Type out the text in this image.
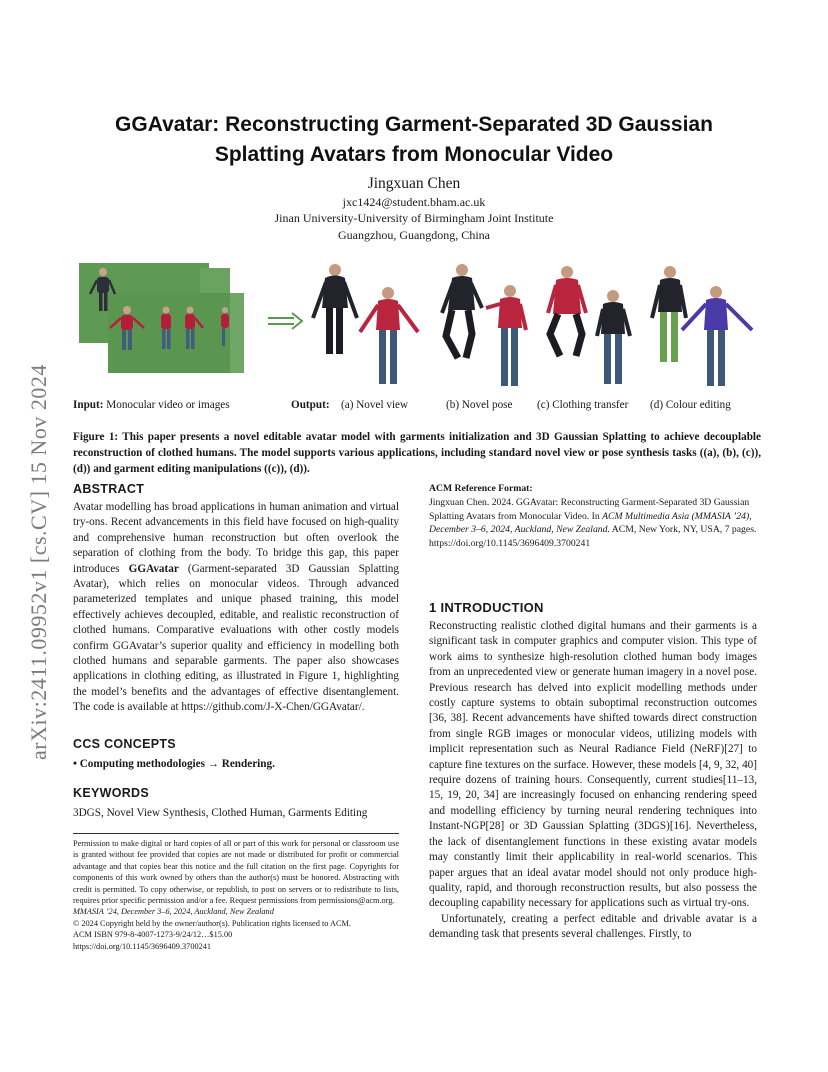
arXiv:2411.09952v1 [cs.CV] 15 Nov 2024
GGAvatar: Reconstructing Garment-Separated 3D Gaussian
Splatting Avatars from Monocular Video
Jingxuan Chen
jxc1424@student.bham.ac.uk
Jinan University-University of Birmingham Joint Institute
Guangzhou, Guangdong, China
Input: Monocular video or images	Output: (a) Novel view	(b) Novel pose (c) Clothing transfer (d) Colour editing
Figure 1: This paper presents a novel editable avatar model with garments initialization and 3D Gaussian Splatting to achieve decouplable reconstruction of clothed humans. The model supports various applications, including standard novel view or pose synthesis tasks ((a), (b), (c)), (d)) and garment editing manipulations ((c)), (d)).
ABSTRACT
Avatar modelling has broad applications in human animation and virtual try-ons. Recent advancements in this field have focused on high-quality and comprehensive human reconstruction but often overlook the separation of clothing from the body. To bridge this gap, this paper introduces GGAvatar (Garment-separated 3D Gaussian Splatting Avatar), which relies on monocular videos. Through advanced parameterized templates and unique phased training, this model effectively achieves decoupled, editable, and realistic reconstruction of clothed humans. Comparative evaluations with other costly models confirm GGAvatar’s superior quality and efficiency in modelling both clothed humans and separable garments. The paper also showcases applications in clothing editing, as illustrated in Figure 1, highlighting the model’s benefits and the advantages of effective disentanglement. The code is available at https://github.com/J-X-Chen/GGAvatar/.
CCS CONCEPTS
• Computing methodologies → Rendering.
KEYWORDS
3DGS, Novel View Synthesis, Clothed Human, Garments Editing
Permission to make digital or hard copies of all or part of this work for personal or classroom use is granted without fee provided that copies are not made or distributed for profit or commercial advantage and that copies bear this notice and the full citation on the first page. Copyrights for components of this work owned by others than the author(s) must be honored. Abstracting with credit is permitted. To copy otherwise, or republish, to post on servers or to redistribute to lists, requires prior specific permission and/or a fee. Request permissions from permissions@acm.org.
MMASIA ’24, December 3–6, 2024, Auckland, New Zealand
© 2024 Copyright held by the owner/author(s). Publication rights licensed to ACM.
ACM ISBN 979-8-4007-1273-9/24/12…$15.00
https://doi.org/10.1145/3696409.3700241
ACM Reference Format:
Jingxuan Chen. 2024. GGAvatar: Reconstructing Garment-Separated 3D Gaussian Splatting Avatars from Monocular Video. In ACM Multimedia Asia (MMASIA ’24), December 3–6, 2024, Auckland, New Zealand. ACM, New York, NY, USA, 7 pages. https://doi.org/10.1145/3696409.3700241
1 INTRODUCTION
Reconstructing realistic clothed digital humans and their garments is a significant task in computer graphics and computer vision. This type of work aims to synthesize high-resolution clothed human body images from an unprecedented view or generate human imagery in a novel pose. Previous research has delved into explicit modelling methods under costly capture systems to obtain suboptimal reconstruction outcomes [36, 38]. Recent advancements have shifted towards direct construction from single RGB images or monocular videos, utilizing models with implicit representation such as Neural Radiance Field (NeRF)[27] to capture fine textures on the surface. However, these models [4, 9, 32, 40] require dozens of training hours. Consequently, current studies[11–13, 15, 19, 20, 34] are increasingly focused on enhancing rendering speed and modelling efficiency by turning neural rendering techniques into Instant-NGP[28] or 3D Gaussian Splatting (3DGS)[16]. Nevertheless, the lack of disentanglement functions in these existing avatar models may constantly limit their applicability in real-world scenarios. This paper argues that an ideal avatar model should not only produce high-quality, rapid, and thorough reconstruction results, but also possess the decoupling capability necessary for applications such as virtual try-ons.
Unfortunately, creating a perfect editable and drivable avatar is a demanding task that presents several challenges. Firstly, to
